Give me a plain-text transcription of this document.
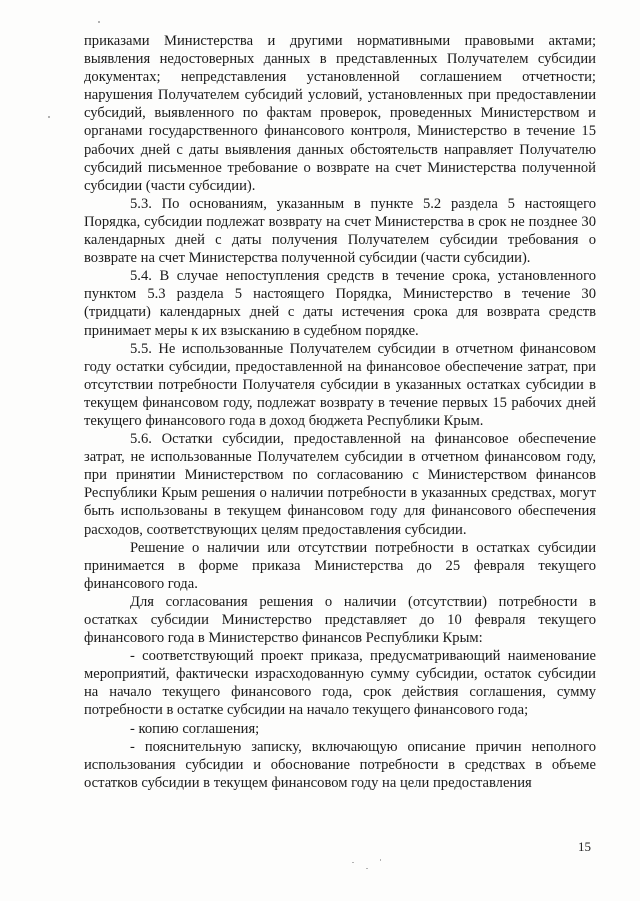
приказами Министерства и другими нормативными правовыми актами; выявления недостоверных данных в представленных Получателем субсидии документах; непредставления установленной соглашением отчетности; нарушения Получателем субсидий условий, установленных при предоставлении субсидий, выявленного по фактам проверок, проведенных Министерством и органами государственного финансового контроля, Министерство в течение 15 рабочих дней с даты выявления данных обстоятельств направляет Получателю субсидий письменное требование о возврате на счет Министерства полученной субсидии (части субсидии).

5.3. По основаниям, указанным в пункте 5.2 раздела 5 настоящего Порядка, субсидии подлежат возврату на счет Министерства в срок не позднее 30 календарных дней с даты получения Получателем субсидии требования о возврате на счет Министерства полученной субсидии (части субсидии).

5.4. В случае непоступления средств в течение срока, установленного пунктом 5.3 раздела 5 настоящего Порядка, Министерство в течение 30 (тридцати) календарных дней с даты истечения срока для возврата средств принимает меры к их взысканию в судебном порядке.

5.5. Не использованные Получателем субсидии в отчетном финансовом году остатки субсидии, предоставленной на финансовое обеспечение затрат, при отсутствии потребности Получателя субсидии в указанных остатках субсидии в текущем финансовом году, подлежат возврату в течение первых 15 рабочих дней текущего финансового года в доход бюджета Республики Крым.

5.6. Остатки субсидии, предоставленной на финансовое обеспечение затрат, не использованные Получателем субсидии в отчетном финансовом году, при принятии Министерством по согласованию с Министерством финансов Республики Крым решения о наличии потребности в указанных средствах, могут быть использованы в текущем финансовом году для финансового обеспечения расходов, соответствующих целям предоставления субсидии.

Решение о наличии или отсутствии потребности в остатках субсидии принимается в форме приказа Министерства до 25 февраля текущего финансового года.

Для согласования решения о наличии (отсутствии) потребности в остатках субсидии Министерство представляет до 10 февраля текущего финансового года в Министерство финансов Республики Крым:

- соответствующий проект приказа, предусматривающий наименование мероприятий, фактически израсходованную сумму субсидии, остаток субсидии на начало текущего финансового года, срок действия соглашения, сумму потребности в остатке субсидии на начало текущего финансового года;

- копию соглашения;

- пояснительную записку, включающую описание причин неполного использования субсидии и обоснование потребности в средствах в объеме остатков субсидии в текущем финансовом году на цели предоставления

15
